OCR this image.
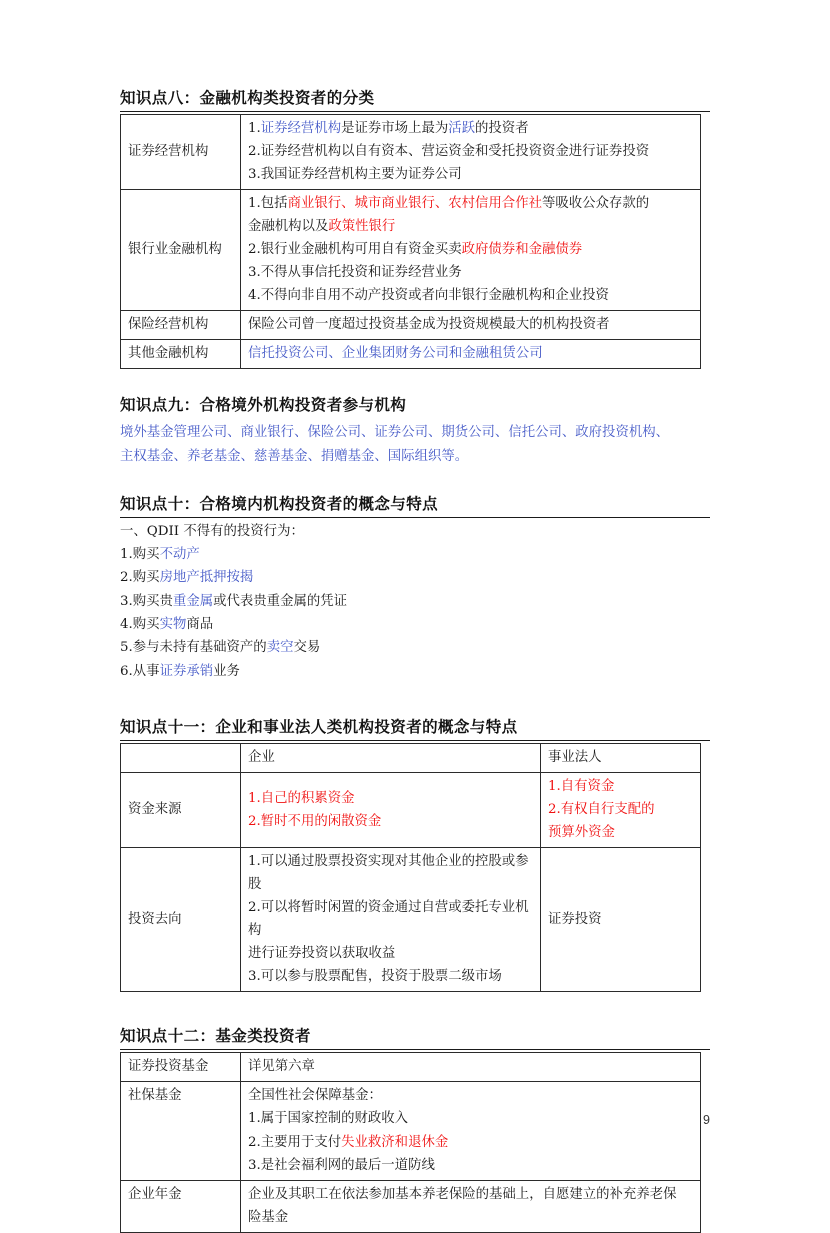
知识点八：金融机构类投资者的分类
证券经营机构	1.证券经营机构是证券市场上最为活跃的投资者
2.证券经营机构以自有资本、营运资金和受托投资资金进行证券投资
3.我国证券经营机构主要为证券公司

银行业金融机构	1.包括商业银行、城市商业银行、农村信用合作社等吸收公众存款的
金融机构以及政策性银行
2.银行业金融机构可用自有资金买卖政府债券和金融债券
3.不得从事信托投资和证券经营业务
4.不得向非自用不动产投资或者向非银行金融机构和企业投资

保险经营机构	保险公司曾一度超过投资基金成为投资规模最大的机构投资者

其他金融机构	信托投资公司、企业集团财务公司和金融租赁公司
知识点九：合格境外机构投资者参与机构
境外基金管理公司、商业银行、保险公司、证券公司、期货公司、信托公司、政府投资机构、
主权基金、养老基金、慈善基金、捐赠基金、国际组织等。
知识点十：合格境内机构投资者的概念与特点
一、QDII 不得有的投资行为：
1.购买不动产
2.购买房地产抵押按揭
3.购买贵重金属或代表贵重金属的凭证
4.购买实物商品
5.参与未持有基础资产的卖空交易
6.从事证券承销业务
知识点十一：企业和事业法人类机构投资者的概念与特点
	企业	事业法人
资金来源	1.自己的积累资金
2.暂时不用的闲散资金	1.自有资金
2.有权自行支配的
预算外资金

投资去向	1.可以通过股票投资实现对其他企业的控股或参股
2.可以将暂时闲置的资金通过自营或委托专业机构
进行证券投资以获取收益
3.可以参与股票配售，投资于股票二级市场	证券投资
知识点十二：基金类投资者
证券投资基金	详见第六章

社保基金	全国性社会保障基金：
1.属于国家控制的财政收入
2.主要用于支付失业救济和退休金
3.是社会福利网的最后一道防线

企业年金	企业及其职工在依法参加基本养老保险的基础上，自愿建立的补充养老保
险基金
9
